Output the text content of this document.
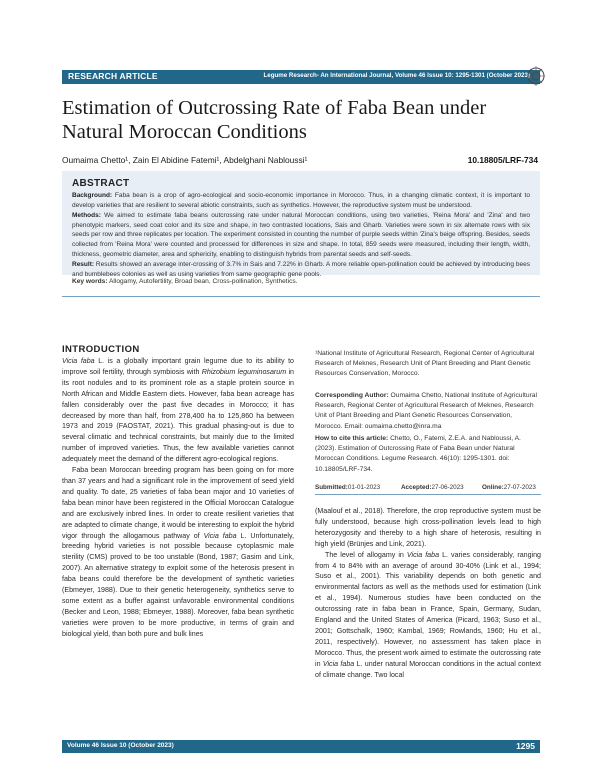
RESEARCH ARTICLE	Legume Research- An International Journal, Volume 46 Issue 10: 1295-1301 (October 2023)
Estimation of Outcrossing Rate of Faba Bean under Natural Moroccan Conditions
Oumaima Chetto¹, Zain El Abidine Fatemi¹, Abdelghani Nabloussi¹	10.18805/LRF-734
ABSTRACT

Background: Faba bean is a crop of agro-ecological and socio-economic importance in Morocco. Thus, in a changing climatic context, it is important to develop varieties that are resilient to several abiotic constraints, such as synthetics. However, the reproductive system must be understood.

Methods: We aimed to estimate faba beans outcrossing rate under natural Moroccan conditions, using two varieties, 'Reina Mora' and 'Zina' and two phenotypic markers, seed coat color and its size and shape, in two contrasted locations, Sais and Gharb. Varieties were sown in six alternate rows with six seeds per row and three replicates per location. The experiment consisted in counting the number of purple seeds within 'Zina's beige offspring. Besides, seeds collected from 'Reina Mora' were counted and processed for differences in size and shape. In total, 859 seeds were measured, including their length, width, thickness, geometric diameter, area and sphericity, enabling to distinguish hybrids from parental seeds and self-seeds.

Result: Results showed an average inter-crossing of 3.7% in Sais and 7.22% in Gharb. A more reliable open-pollination could be achieved by introducing bees and bumblebees colonies as well as using varieties from same geographic gene pools.

Key words: Allogamy, Autofertility, Broad bean, Cross-pollination, Synthetics.
INTRODUCTION

Vicia faba L. is a globally important grain legume due to its ability to improve soil fertility, through symbiosis with Rhizobium leguminosarum in its root nodules and to its prominent role as a staple protein source in North African and Middle Eastern diets. However, faba bean acreage has fallen considerably over the past five decades in Morocco; it has decreased by more than half, from 278,400 ha to 125,860 ha between 1973 and 2019 (FAOSTAT, 2021). This gradual phasing-out is due to several climatic and technical constraints, but mainly due to the limited number of improved varieties. Thus, the few available varieties cannot adequately meet the demand of the different agro-ecological regions.

Faba bean Moroccan breeding program has been going on for more than 37 years and had a significant role in the improvement of seed yield and quality. To date, 25 varieties of faba bean major and 10 varieties of faba bean minor have been registered in the Official Moroccan Catalogue and are exclusively inbred lines. In order to create resilient varieties that are adapted to climate change, it would be interesting to exploit the hybrid vigor through the allogamous pathway of Vicia faba L. Unfortunately, breeding hybrid varieties is not possible because cytoplasmic male sterility (CMS) proved to be too unstable (Bond, 1987; Gasim and Link, 2007). An alternative strategy to exploit some of the heterosis present in faba beans could therefore be the development of synthetic varieties (Ebmeyer, 1988). Due to their genetic heterogeneity, synthetics serve to some extent as a buffer against unfavorable environmental conditions (Becker and Leon, 1988; Ebmeyer, 1988). Moreover, faba bean synthetic varieties were proven to be more productive, in terms of grain and biological yield, than both pure and bulk lines

¹National Institute of Agricultural Research, Regional Center of Agricultural Research of Meknes, Research Unit of Plant Breeding and Plant Genetic Resources Conservation, Morocco.
Corresponding Author: Oumaima Chetto, National Institute of Agricultural Research, Regional Center of Agricultural Research of Meknes, Research Unit of Plant Breeding and Plant Genetic Resources Conservation, Morocco. Email: oumaima.chetto@inra.ma
How to cite this article: Chetto, O., Fatemi, Z.E.A. and Nabloussi, A. (2023). Estimation of Outcrossing Rate of Faba Bean under Natural Moroccan Conditions. Legume Research. 46(10): 1295-1301. doi: 10.18805/LRF-734.
Submitted: 01-01-2023	Accepted: 27-06-2023	Online: 27-07-2023

(Maalouf et al., 2018). Therefore, the crop reproductive system must be fully understood, because high cross-pollination levels lead to high heterozygosity and thereby to a high share of heterosis, resulting in high yield (Brünjes and Link, 2021).

The level of allogamy in Vicia faba L. varies considerably, ranging from 4 to 84% with an average of around 30-40% (Link et al., 1994; Suso et al., 2001). This variability depends on both genetic and environmental factors as well as the methods used for estimation (Link et al., 1994). Numerous studies have been conducted on the outcrossing rate in faba bean in France, Spain, Germany, Sudan, England and the United States of America (Picard, 1963; Suso et al., 2001; Gottschalk, 1960; Kambal, 1969; Rowlands, 1960; Hu et al., 2011, respectively). However, no assessment has taken place in Morocco. Thus, the present work aimed to estimate the outcrossing rate in Vicia faba L. under natural Moroccan conditions in the actual context of climate change. Two local

Volume 46 Issue 10 (October 2023)	1295
